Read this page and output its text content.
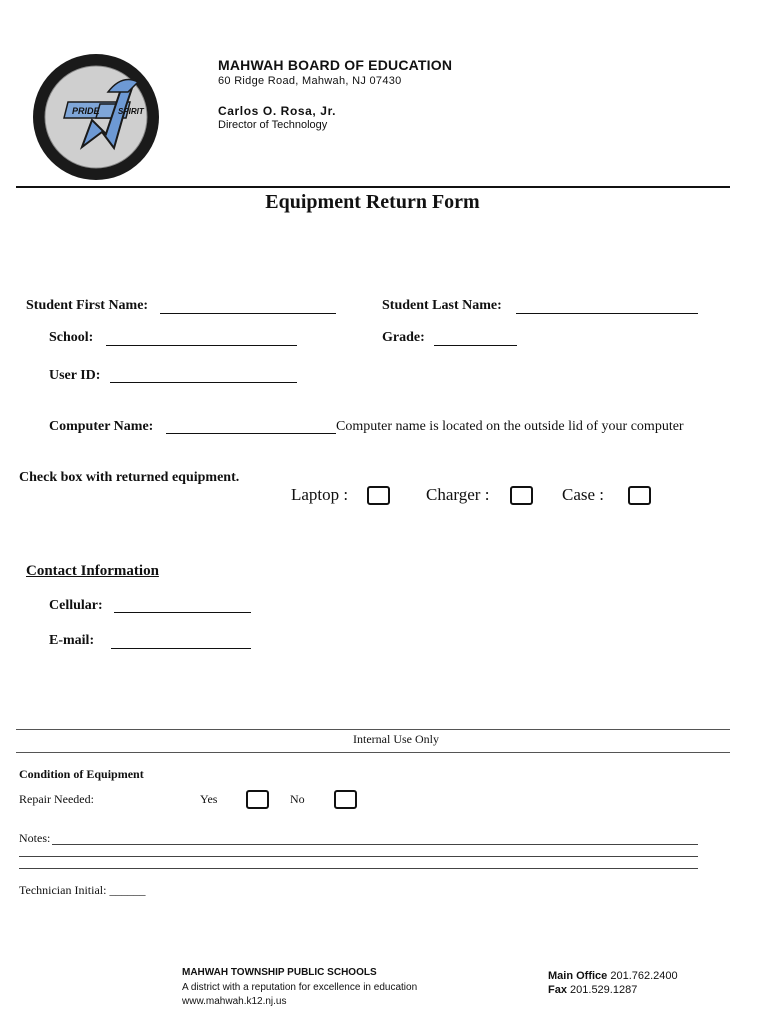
PRIDE SPIRIT
MAHWAH BOARD OF EDUCATION
60 Ridge Road, Mahwah, NJ 07430
Carlos O. Rosa, Jr.
Director of Technology
Equipment Return Form
Student First Name:	Student Last Name:
School:	Grade:
User ID:
Computer Name:	Computer name is located on the outside lid of your computer
Check box with returned equipment.
Laptop :	Charger :	Case :
Contact Information
Cellular:
E-mail:
Internal Use Only
Condition of Equipment
Repair Needed:	Yes	No
Notes:
Technician Initial: ______
MAHWAH TOWNSHIP PUBLIC SCHOOLS
A district with a reputation for excellence in education
www.mahwah.k12.nj.us
Main Office 201.762.2400
Fax 201.529.1287
